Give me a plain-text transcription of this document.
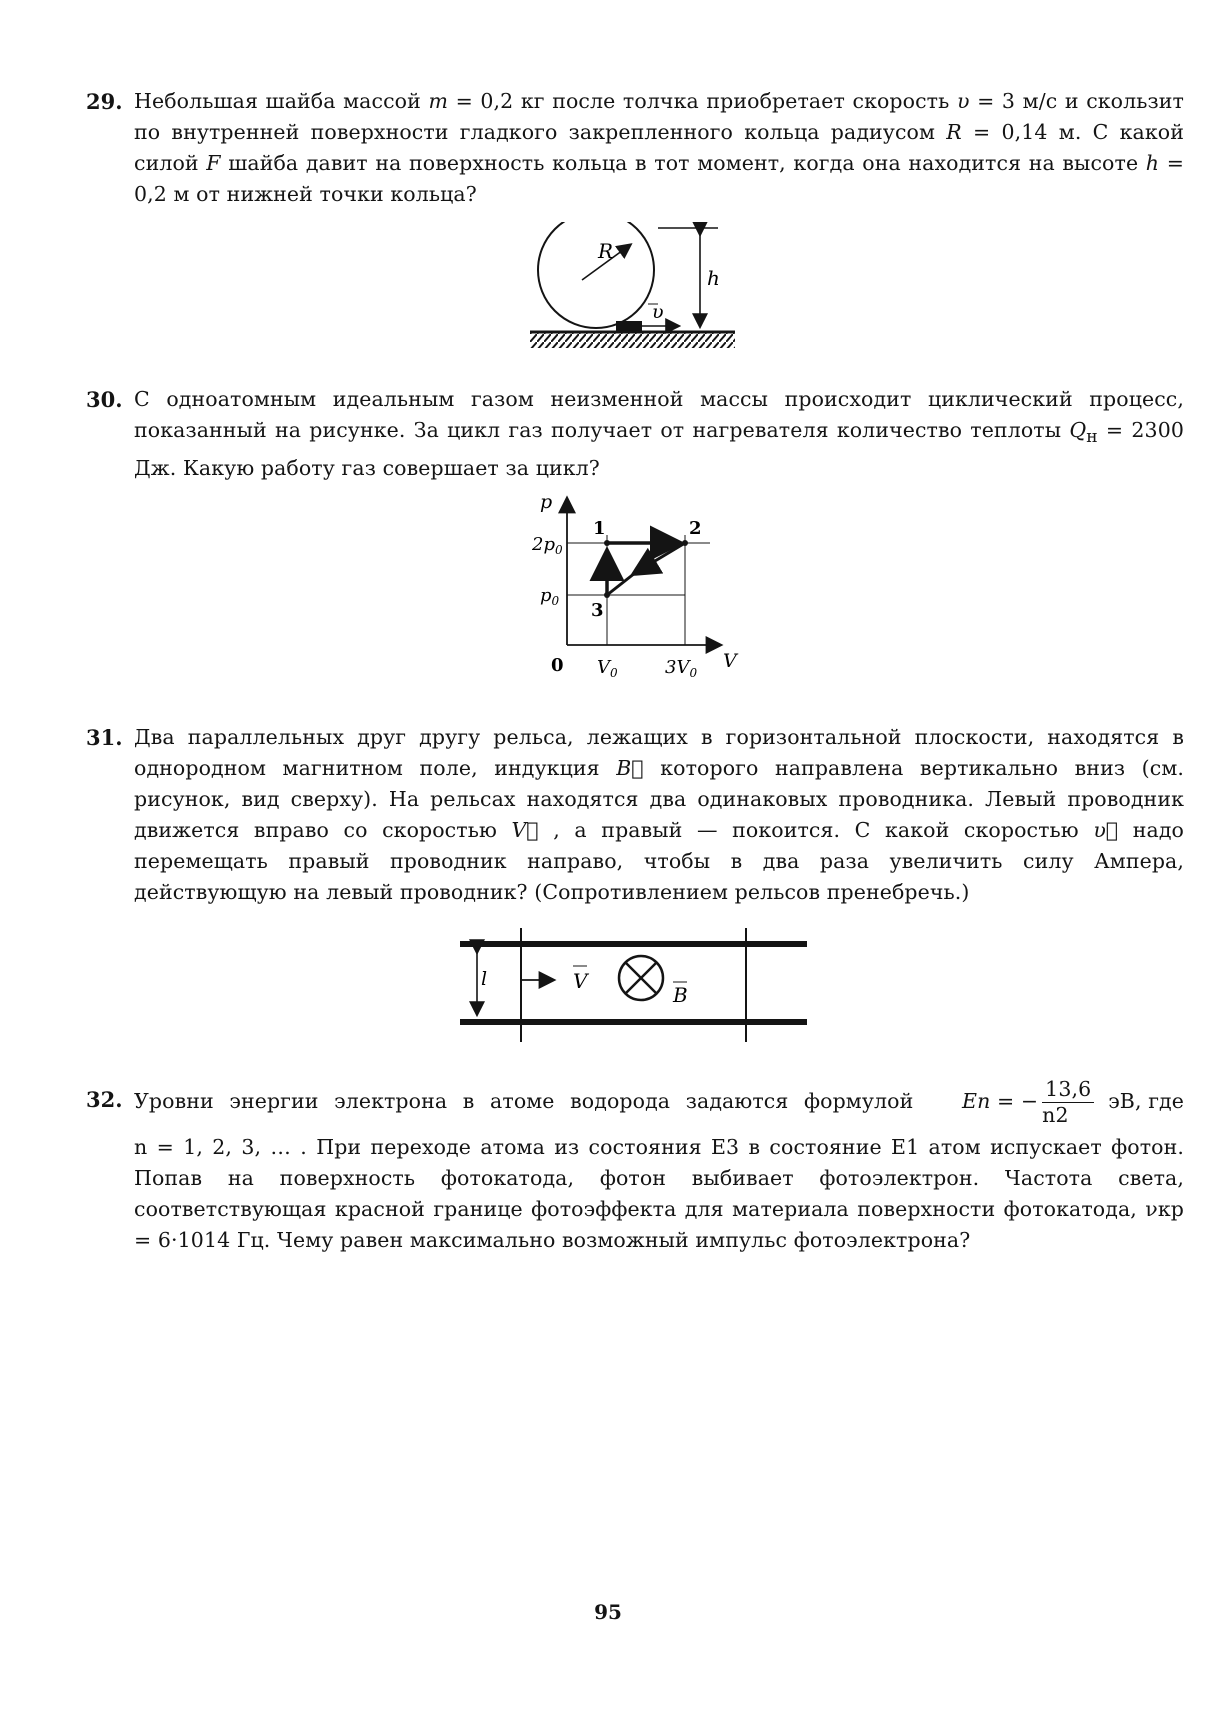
29. Небольшая шайба массой m = 0,2 кг после толчка приобретает скорость υ = 3 м/с и скользит по внутренней поверхности гладкого закрепленного кольца радиусом R = 0,14 м. С какой силой F шайба давит на поверхность кольца в тот момент, когда она находится на высоте h = 0,2 м от нижней точки кольца?

R
υ
h
30. С одноатомным идеальным газом неизменной массы происходит циклический процесс, показанный на рисунке. За цикл газ получает от нагревателя количество теплоты $Q_н = 2300$ Дж. Какую работу газ совершает за цикл?

p
V
0
$2p_0$
$p_0$
$V_0$	$3V_0$
1	2
3
31. Два параллельных друг другу рельса, лежащих в горизонтальной плоскости, находятся в однородном магнитном поле, индукция B⃗ которого направлена вертикально вниз (см. рисунок, вид сверху). На рельсах находятся два одинаковых проводника. Левый проводник движется вправо со скоростью V⃗ , а правый — покоится. С какой скоростью υ⃗ надо перемещать правый проводник направо, чтобы в два раза увеличить силу Ампера, действующую на левый проводник? (Сопротивлением рельсов пренебречь.)

l	V
B
32. Уровни энергии электрона в атоме водорода задаются формулой En = − $\frac{13,6}{n2}$ эВ, где

n = 1, 2, 3, … . При переходе атома из состояния E3 в состояние E1 атом испускает фотон. Попав на поверхность фотокатода, фотон выбивает фотоэлектрон. Частота света, соответствующая красной границе фотоэффекта для материала поверхности фотокатода, νкр = 6·1014 Гц. Чему равен максимально возможный импульс фотоэлектрона?

95
